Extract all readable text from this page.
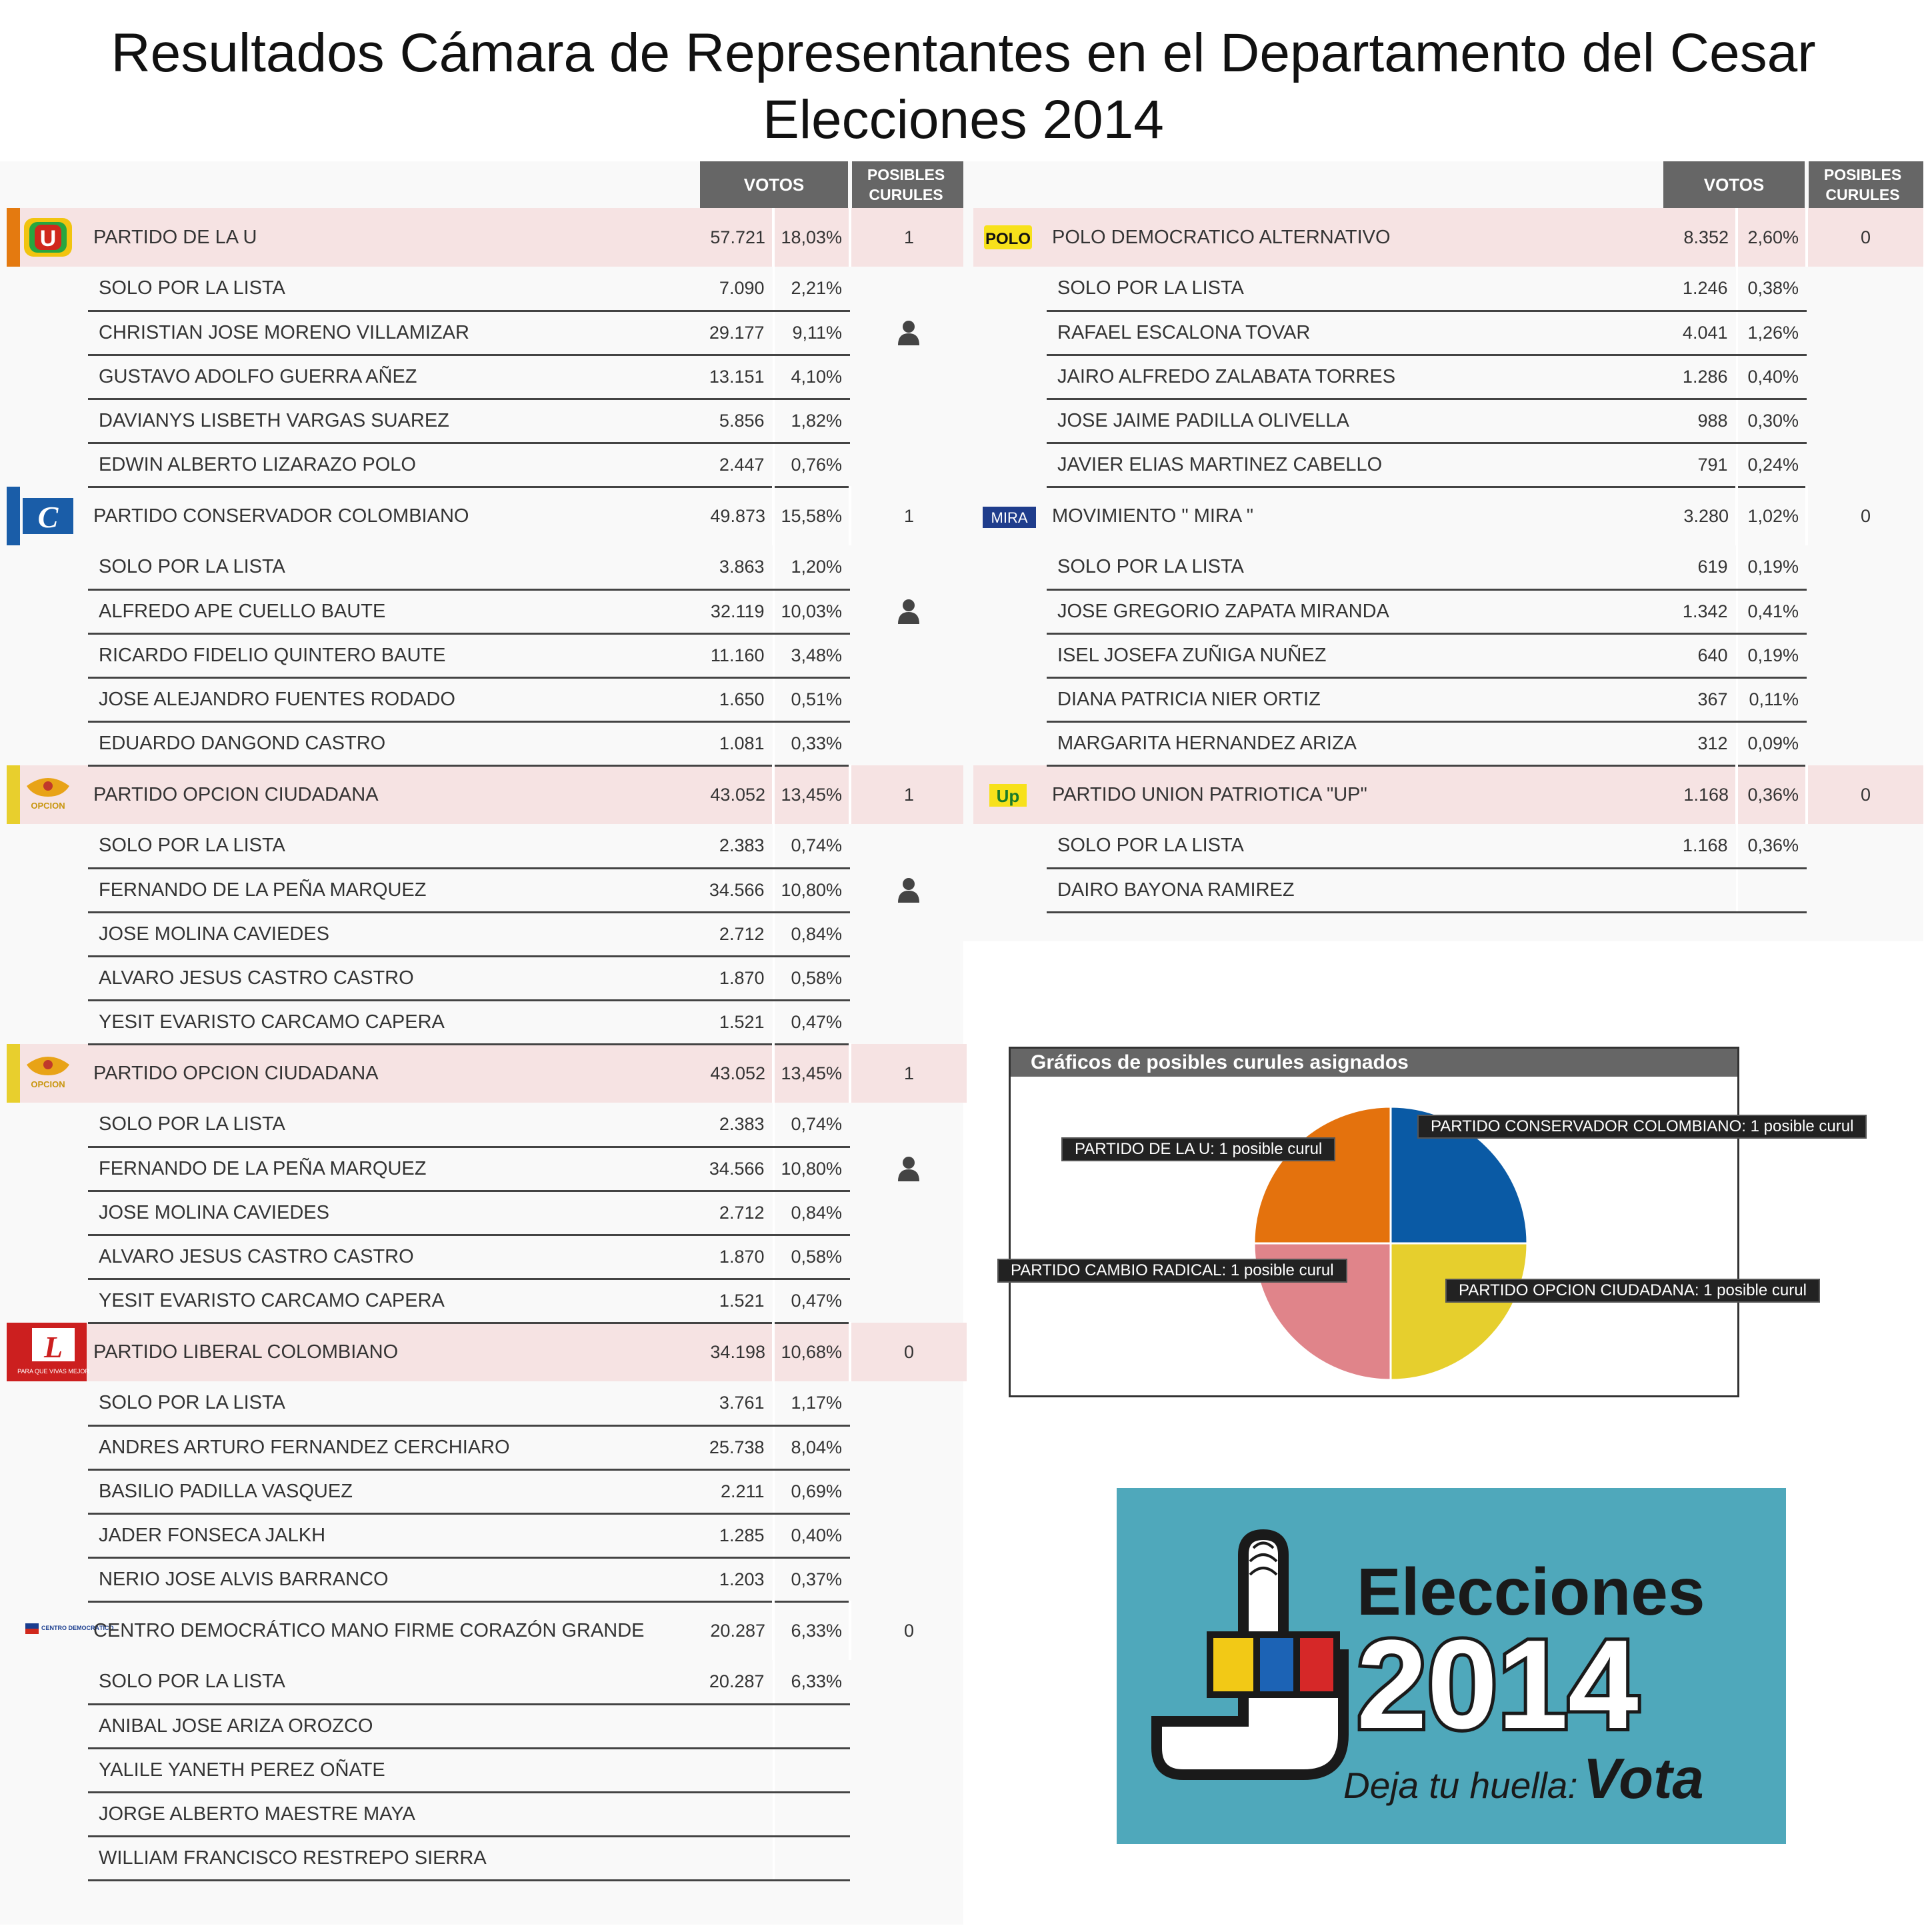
Resultados Cámara de Representantes en el Departamento del Cesar
Elecciones 2014
		VOTOS		POSIBLES
CURULES

U	PARTIDO DE LA U	57.721	18,03%	1
	SOLO POR LA LISTA	7.090	2,21%	
	CHRISTIAN JOSE MORENO VILLAMIZAR	29.177	9,11%	
	GUSTAVO ADOLFO GUERRA AÑEZ	13.151	4,10%	
	DAVIANYS LISBETH VARGAS SUAREZ	5.856	1,82%	
	EDWIN ALBERTO LIZARAZO POLO	2.447	0,76%	

C	PARTIDO CONSERVADOR COLOMBIANO	49.873	15,58%	1
	SOLO POR LA LISTA	3.863	1,20%	
	ALFREDO APE CUELLO BAUTE	32.119	10,03%	
	RICARDO FIDELIO QUINTERO BAUTE	11.160	3,48%	
	JOSE ALEJANDRO FUENTES RODADO	1.650	0,51%	
	EDUARDO DANGOND CASTRO	1.081	0,33%	

OPCION	PARTIDO OPCION CIUDADANA	43.052	13,45%	1
	SOLO POR LA LISTA	2.383	0,74%	
	FERNANDO DE LA PEÑA MARQUEZ	34.566	10,80%	
	JOSE MOLINA CAVIEDES	2.712	0,84%	
	ALVARO JESUS CASTRO CASTRO	1.870	0,58%	
	YESIT EVARISTO CARCAMO CAPERA	1.521	0,47%	

OPCION	PARTIDO OPCION CIUDADANA	43.052	13,45%	1
	SOLO POR LA LISTA	2.383	0,74%	
	FERNANDO DE LA PEÑA MARQUEZ	34.566	10,80%	
	JOSE MOLINA CAVIEDES	2.712	0,84%	
	ALVARO JESUS CASTRO CASTRO	1.870	0,58%	
	YESIT EVARISTO CARCAMO CAPERA	1.521	0,47%	

L
PARA QUE VIVAS MEJOR	PARTIDO LIBERAL COLOMBIANO	34.198	10,68%	0
	SOLO POR LA LISTA	3.761	1,17%	
	ANDRES ARTURO FERNANDEZ CERCHIARO	25.738	8,04%	
	BASILIO PADILLA VASQUEZ	2.211	0,69%	
	JADER FONSECA JALKH	1.285	0,40%	
	NERIO JOSE ALVIS BARRANCO	1.203	0,37%	

CENTRO DEMOCRÁTICO	CENTRO DEMOCRÁTICO MANO FIRME CORAZÓN GRANDE	20.287	6,33%	0
	SOLO POR LA LISTA	20.287	6,33%	
	ANIBAL JOSE ARIZA OROZCO			
	YALILE YANETH PEREZ OÑATE			
	JORGE ALBERTO MAESTRE MAYA			
	WILLIAM FRANCISCO RESTREPO SIERRA			
		VOTOS		POSIBLES
CURULES

POLO	POLO DEMOCRATICO ALTERNATIVO	8.352	2,60%	0
	SOLO POR LA LISTA	1.246	0,38%	
	RAFAEL ESCALONA TOVAR	4.041	1,26%	
	JAIRO ALFREDO ZALABATA TORRES	1.286	0,40%	
	JOSE JAIME PADILLA OLIVELLA	988	0,30%	
	JAVIER ELIAS MARTINEZ CABELLO	791	0,24%	

MIRA	MOVIMIENTO " MIRA "	3.280	1,02%	0
	SOLO POR LA LISTA	619	0,19%	
	JOSE GREGORIO ZAPATA MIRANDA	1.342	0,41%	
	ISEL JOSEFA ZUÑIGA NUÑEZ	640	0,19%	
	DIANA PATRICIA NIER ORTIZ	367	0,11%	
	MARGARITA HERNANDEZ ARIZA	312	0,09%	

Up	PARTIDO UNION PATRIOTICA "UP"	1.168	0,36%	0
	SOLO POR LA LISTA	1.168	0,36%	
	DAIRO BAYONA RAMIREZ			
Gráficos de posibles curules asignados
PARTIDO CONSERVADOR COLOMBIANO: 1 posible curul
PARTIDO OPCION CIUDADANA: 1 posible curul
PARTIDO CAMBIO RADICAL: 1 posible curul
PARTIDO DE LA U: 1 posible curul
Elecciones
2014
Deja tu huella:Vota
